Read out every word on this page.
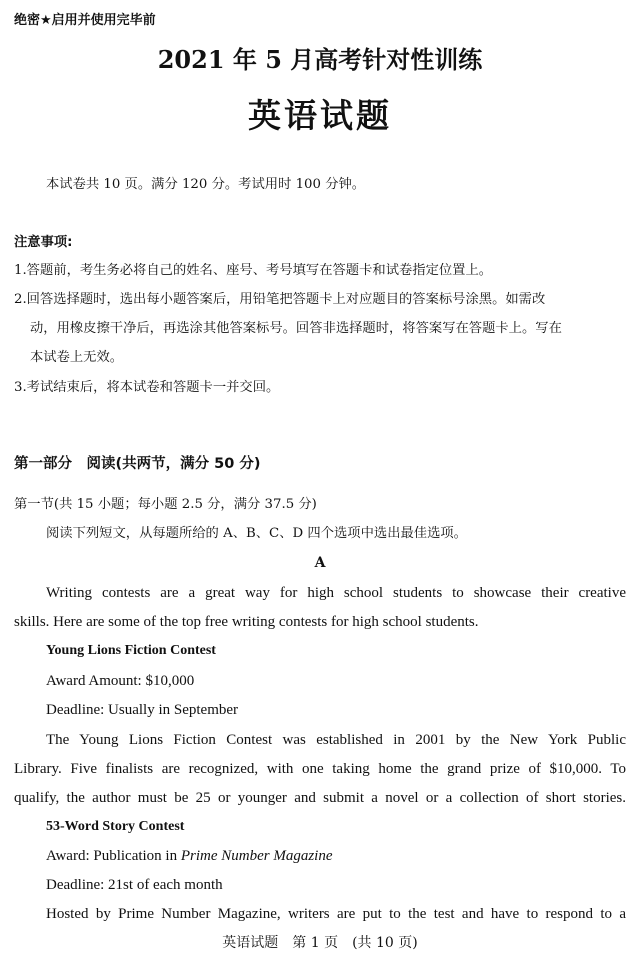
绝密★启用并使用完毕前
2021 年 5 月高考针对性训练
英语试题
本试卷共 10 页。满分 120 分。考试用时 100 分钟。
注意事项:
1.答题前，考生务必将自己的姓名、座号、考号填写在答题卡和试卷指定位置上。
2.回答选择题时，选出每小题答案后，用铅笔把答题卡上对应题目的答案标号涂黑。如需改
动，用橡皮擦干净后，再选涂其他答案标号。回答非选择题时，将答案写在答题卡上。写在
本试卷上无效。
3.考试结束后，将本试卷和答题卡一并交回。
第一部分　阅读(共两节，满分 50 分)
第一节(共 15 小题；每小题 2.5 分，满分 37.5 分)
阅读下列短文，从每题所给的 A、B、C、D 四个选项中选出最佳选项。
A
Writing contests are a great way for high school students to showcase their creative
skills. Here are some of the top free writing contests for high school students.
Young Lions Fiction Contest
Award Amount: $10,000
Deadline: Usually in September
The Young Lions Fiction Contest was established in 2001 by the New York Public
Library. Five finalists are recognized, with one taking home the grand prize of $10,000. To
qualify, the author must be 25 or younger and submit a novel or a collection of short stories.
53-Word Story Contest
Award: Publication in Prime Number Magazine
Deadline: 21st of each month
Hosted by Prime Number Magazine, writers are put to the test and have to respond to a
英语试题　第 1 页　(共 10 页)
